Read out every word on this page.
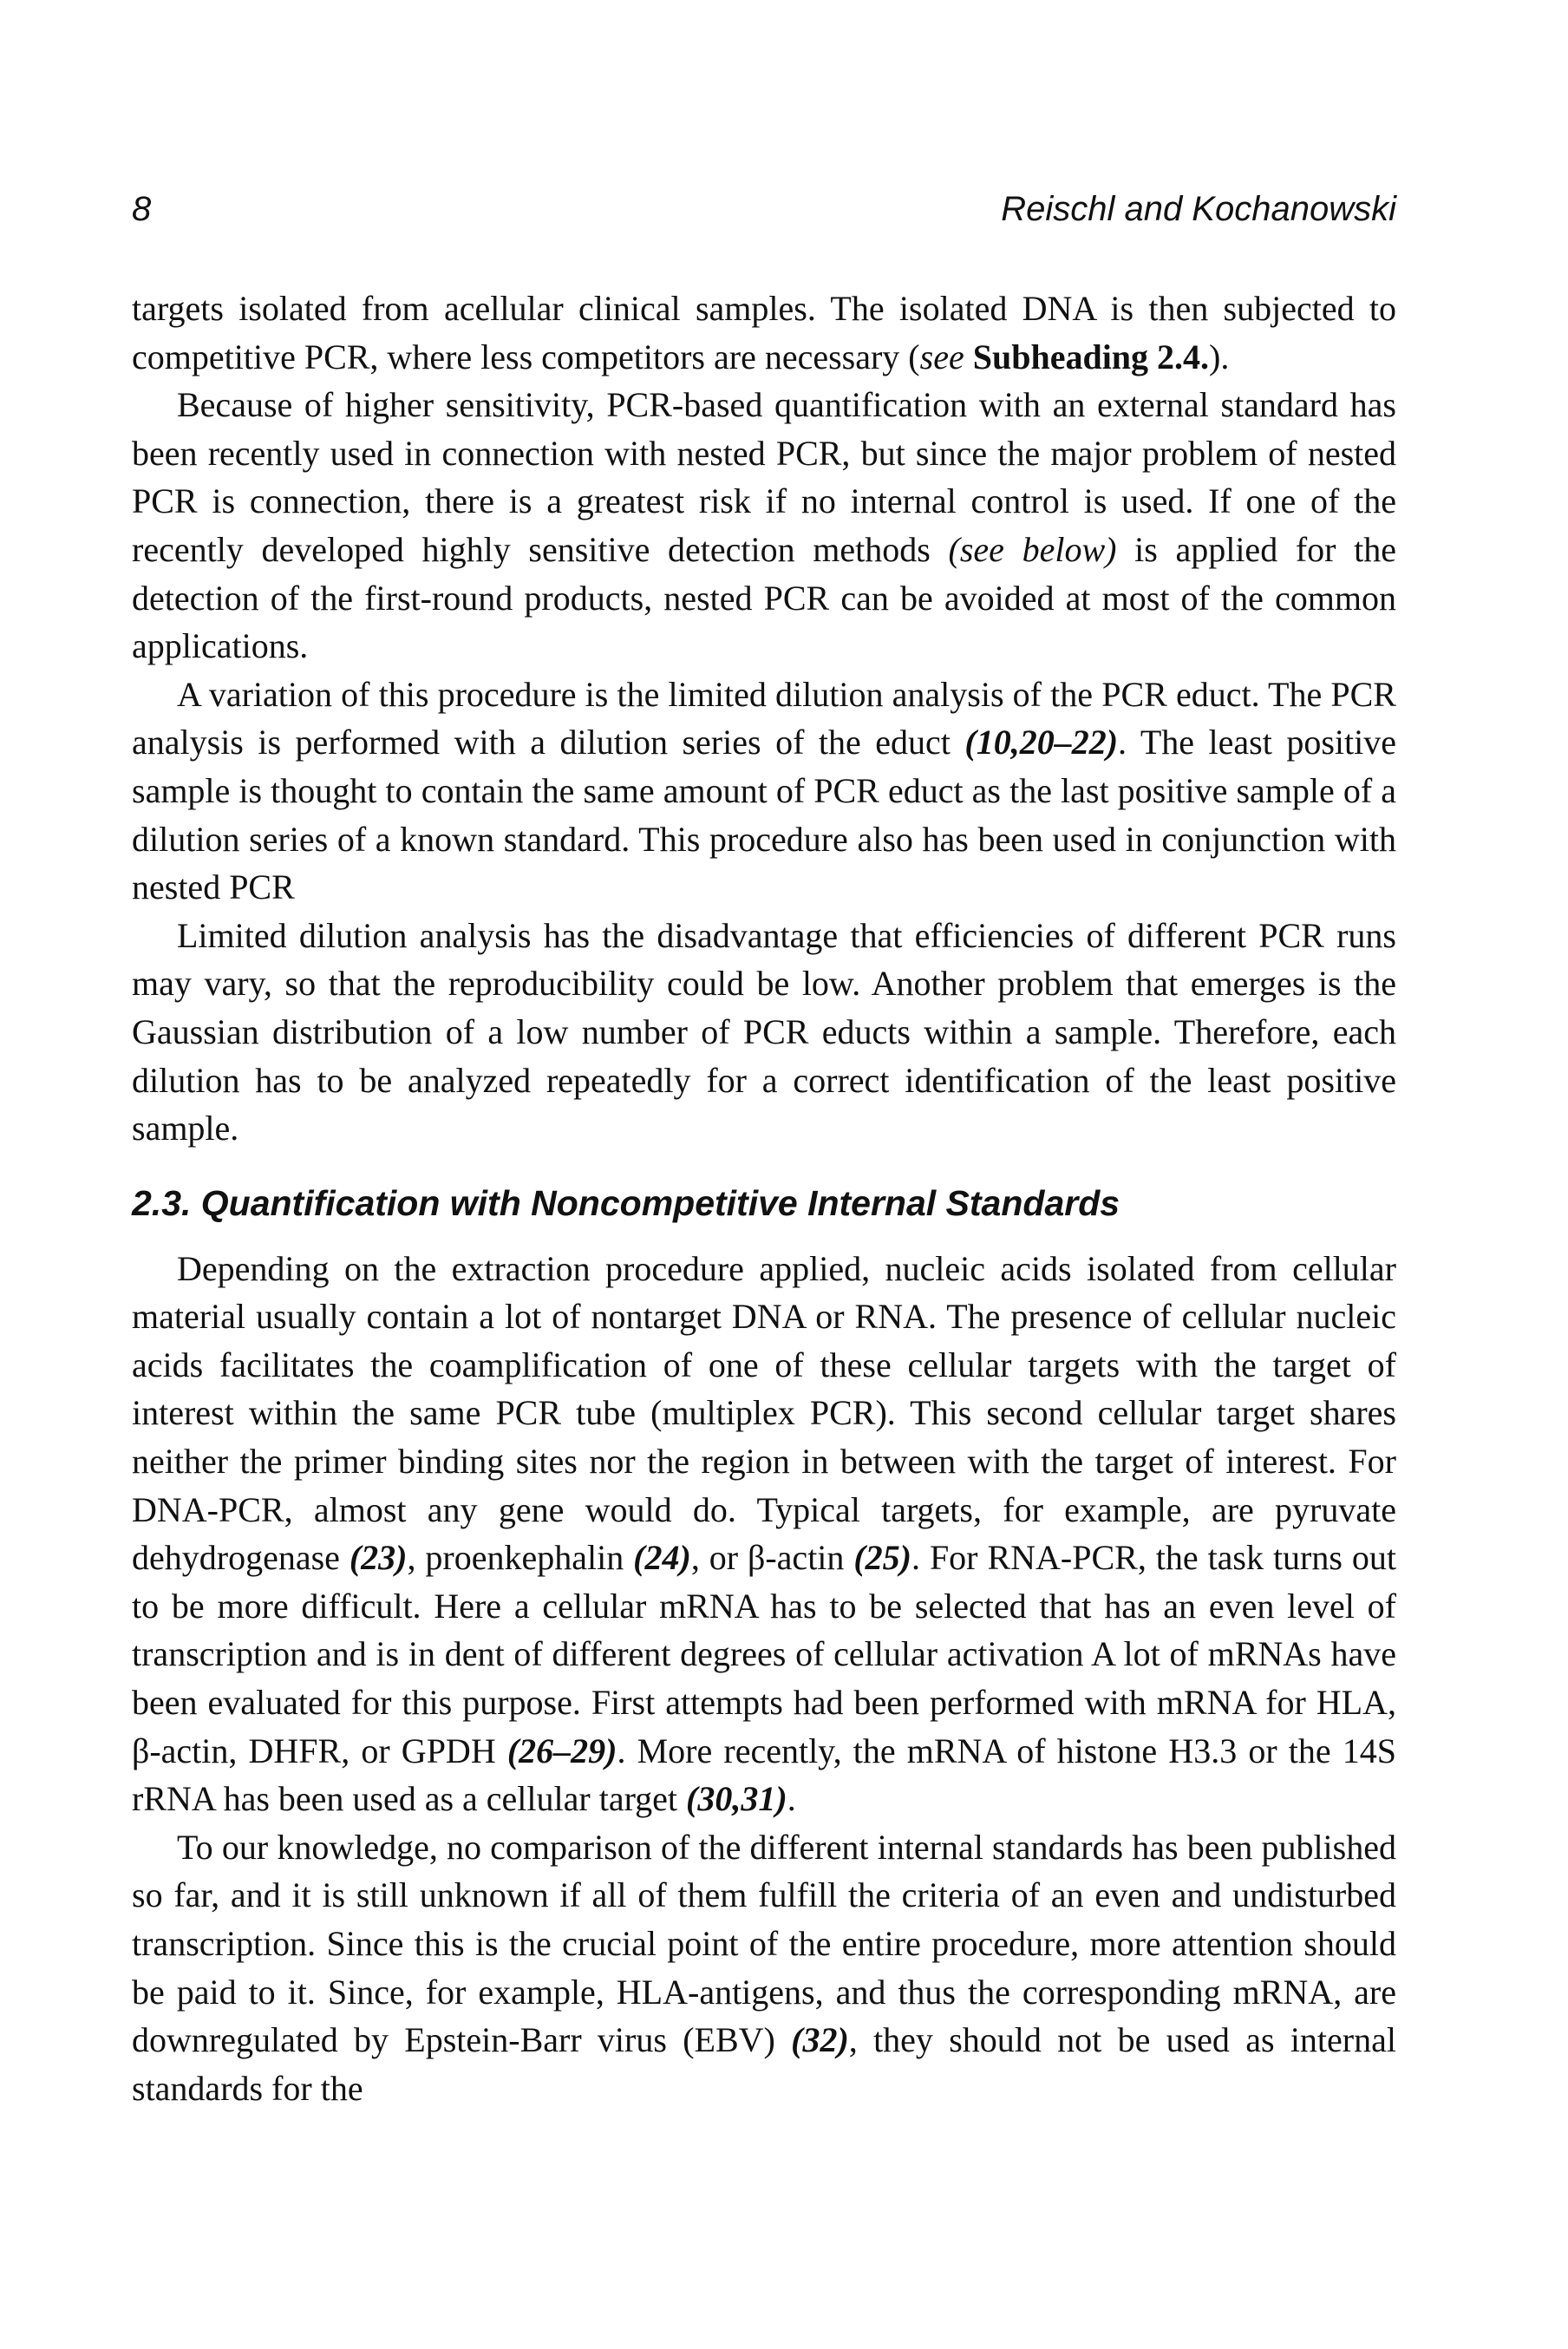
8	Reischl and Kochanowski

targets isolated from acellular clinical samples. The isolated DNA is then subjected to competitive PCR, where less competitors are necessary (see Subheading 2.4.).

Because of higher sensitivity, PCR-based quantification with an external standard has been recently used in connection with nested PCR, but since the major problem of nested PCR is connection, there is a greatest risk if no internal control is used. If one of the recently developed highly sensitive detection methods (see below) is applied for the detection of the first-round products, nested PCR can be avoided at most of the common applications.

A variation of this procedure is the limited dilution analysis of the PCR educt. The PCR analysis is performed with a dilution series of the educt (10,20–22). The least positive sample is thought to contain the same amount of PCR educt as the last positive sample of a dilution series of a known standard. This procedure also has been used in conjunction with nested PCR

Limited dilution analysis has the disadvantage that efficiencies of different PCR runs may vary, so that the reproducibility could be low. Another problem that emerges is the Gaussian distribution of a low number of PCR educts within a sample. Therefore, each dilution has to be analyzed repeatedly for a correct identification of the least positive sample.

2.3. Quantification with Noncompetitive Internal Standards

Depending on the extraction procedure applied, nucleic acids isolated from cellular material usually contain a lot of nontarget DNA or RNA. The presence of cellular nucleic acids facilitates the coamplification of one of these cellular targets with the target of interest within the same PCR tube (multiplex PCR). This second cellular target shares neither the primer binding sites nor the region in between with the target of interest. For DNA-PCR, almost any gene would do. Typical targets, for example, are pyruvate dehydrogenase (23), proenkephalin (24), or β-actin (25). For RNA-PCR, the task turns out to be more difficult. Here a cellular mRNA has to be selected that has an even level of transcription and is in dent of different degrees of cellular activation A lot of mRNAs have been evaluated for this purpose. First attempts had been performed with mRNA for HLA, β-actin, DHFR, or GPDH (26–29). More recently, the mRNA of histone H3.3 or the 14S rRNA has been used as a cellular target (30,31).

To our knowledge, no comparison of the different internal standards has been published so far, and it is still unknown if all of them fulfill the criteria of an even and undisturbed transcription. Since this is the crucial point of the entire procedure, more attention should be paid to it. Since, for example, HLA-antigens, and thus the corresponding mRNA, are downregulated by Epstein-Barr virus (EBV) (32), they should not be used as internal standards for the
